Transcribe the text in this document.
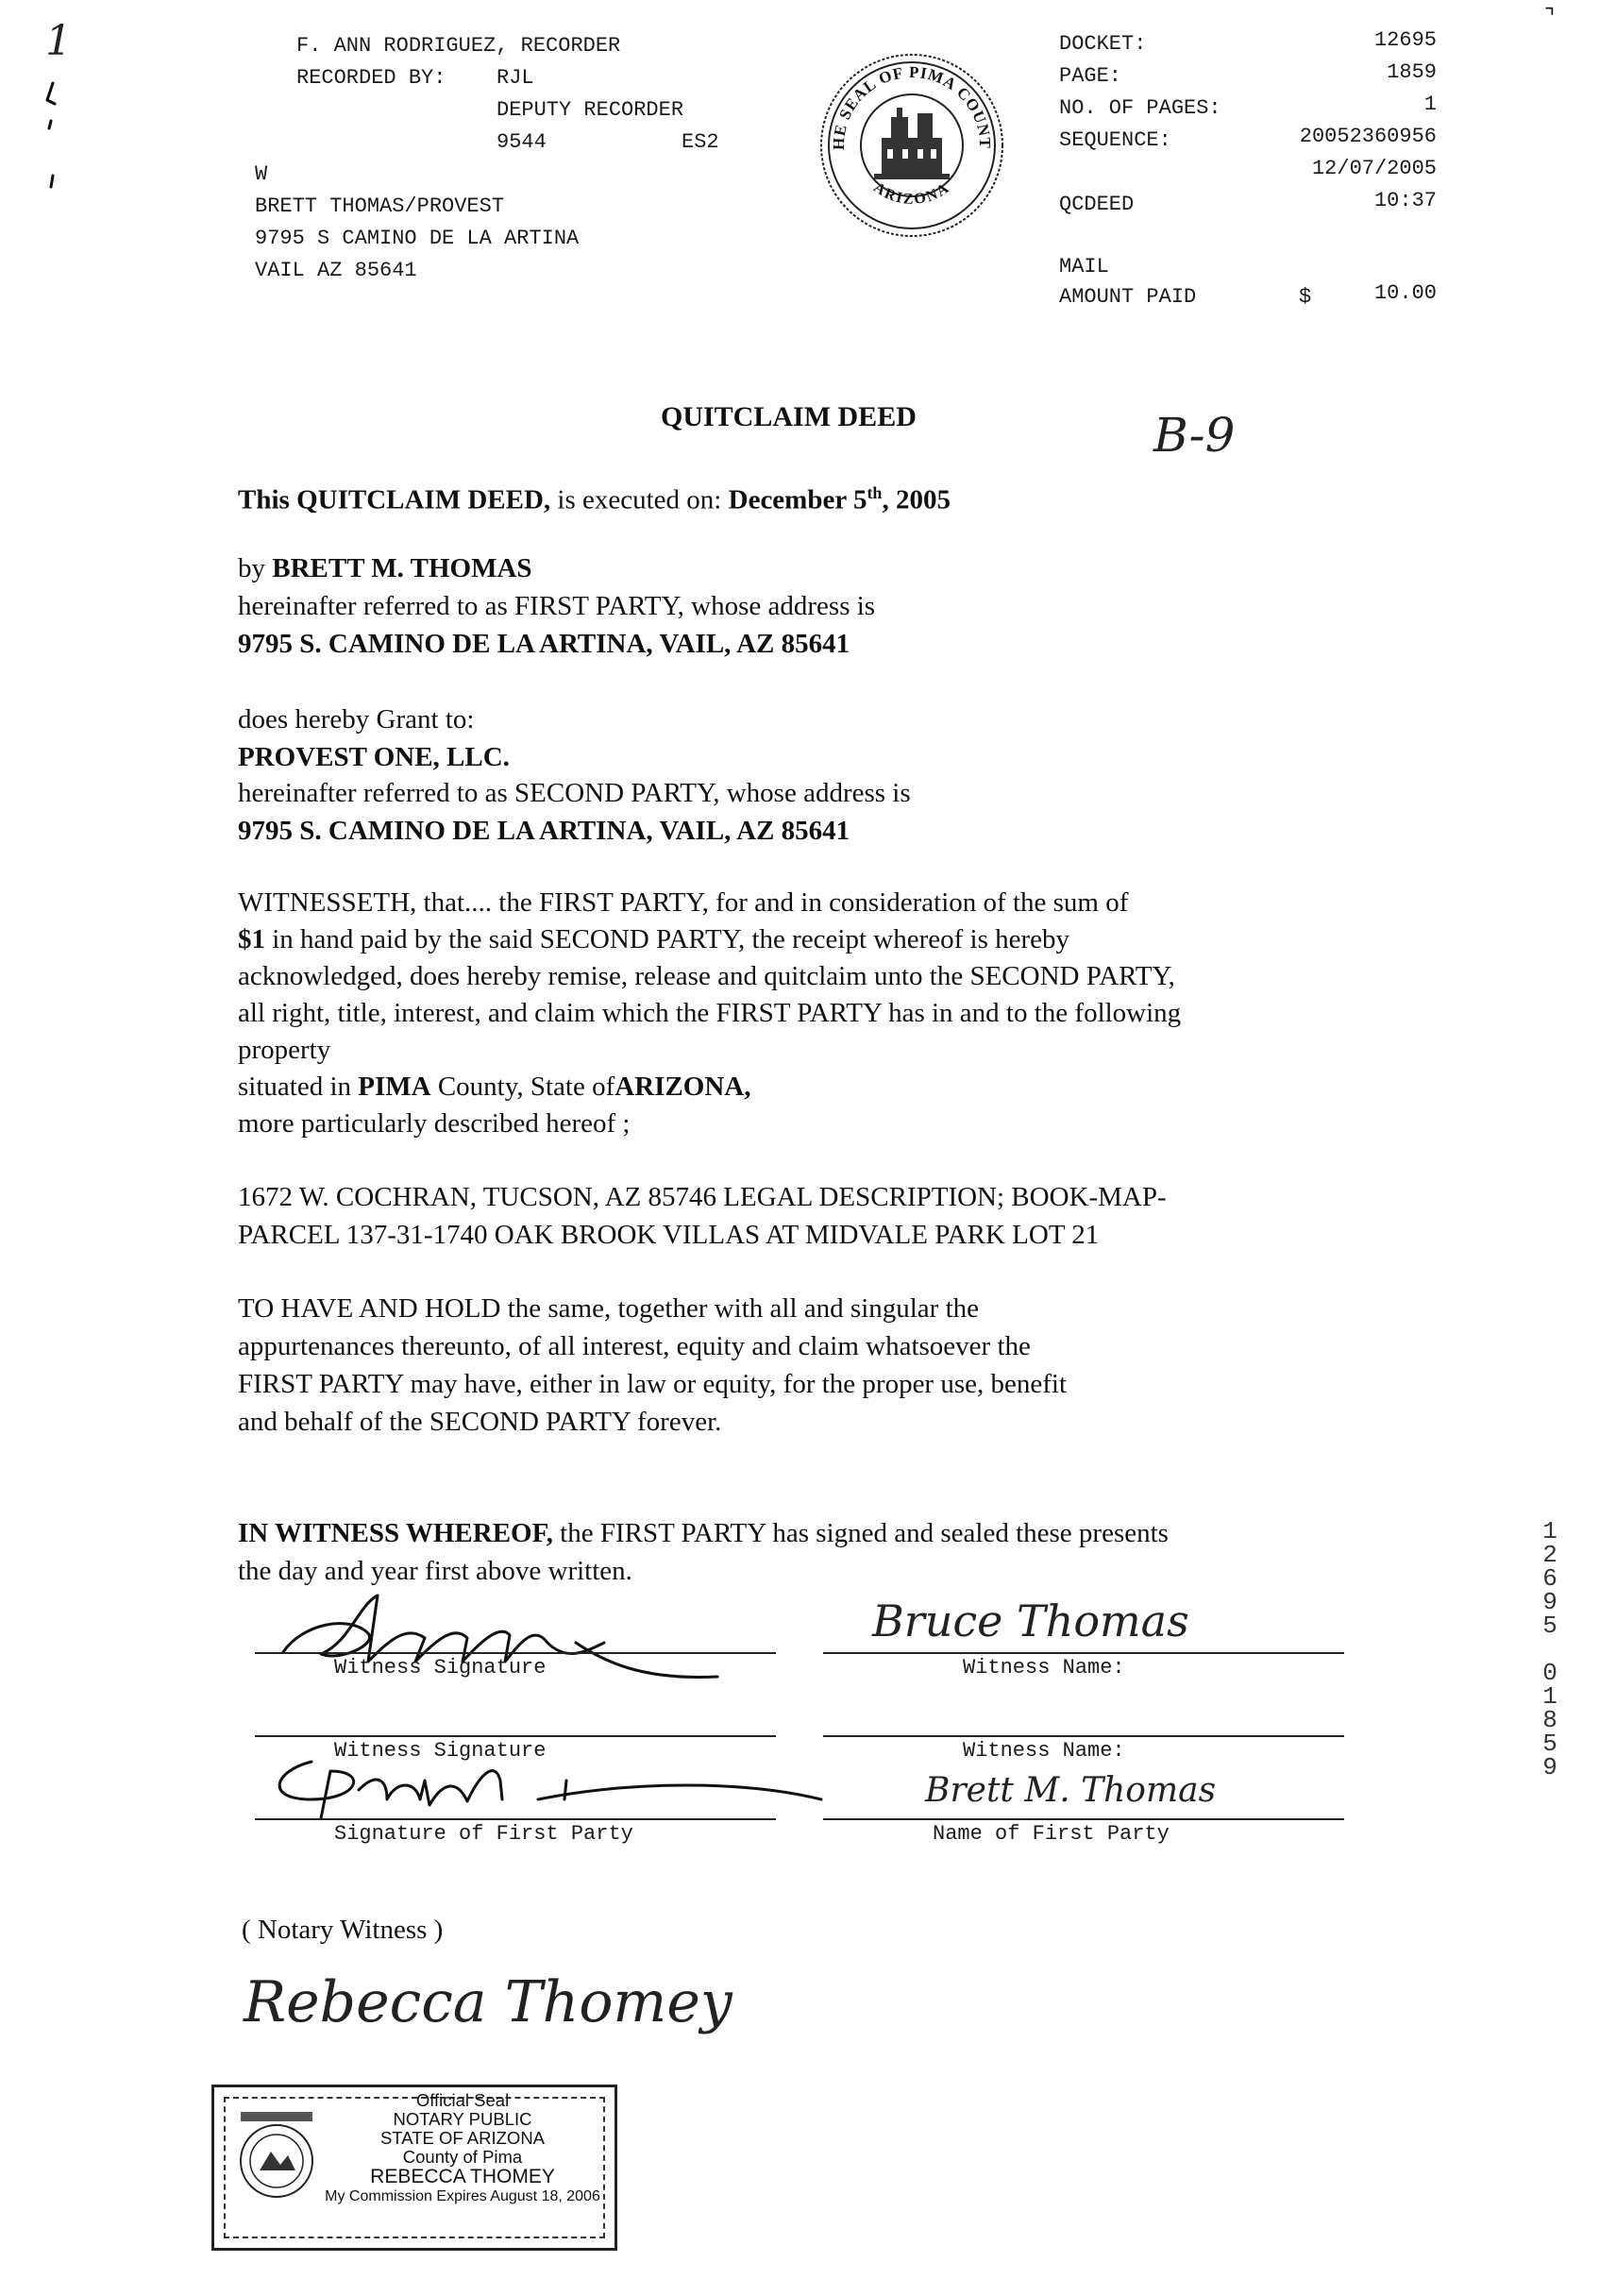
1	⌝
F. ANN RODRIGUEZ, RECORDER
RECORDED BY: RJL
DEPUTY RECORDER
9544	ES2
W
BRETT THOMAS/PROVEST
9795 S CAMINO DE LA ARTINA
VAIL AZ 85641
HE SEAL OF PIMA COUNT
ARIZONA
DOCKET:	12695
PAGE:	1859
NO. OF PAGES:	1
SEQUENCE:	20052360956
12/07/2005
QCDEED	10:37
MAIL
AMOUNT PAID	$	10.00
QUITCLAIM DEED	B-9
This QUITCLAIM DEED, is executed on: December 5th, 2005
by BRETT M. THOMAS
hereinafter referred to as FIRST PARTY, whose address is
9795 S. CAMINO DE LA ARTINA, VAIL, AZ 85641
does hereby Grant to:
PROVEST ONE, LLC.
hereinafter referred to as SECOND PARTY, whose address is
9795 S. CAMINO DE LA ARTINA, VAIL, AZ 85641
WITNESSETH, that.... the FIRST PARTY, for and in consideration of the sum of
$1 in hand paid by the said SECOND PARTY, the receipt whereof is hereby
acknowledged, does hereby remise, release and quitclaim unto the SECOND PARTY,
all right, title, interest, and claim which the FIRST PARTY has in and to the following
property
situated in PIMA County, State ofARIZONA,
more particularly described hereof ;
1672 W. COCHRAN, TUCSON, AZ 85746 LEGAL DESCRIPTION; BOOK-MAP-
PARCEL 137-31-1740 OAK BROOK VILLAS AT MIDVALE PARK LOT 21
TO HAVE AND HOLD the same, together with all and singular the
appurtenances thereunto, of all interest, equity and claim whatsoever the
FIRST PARTY may have, either in law or equity, for the proper use, benefit
and behalf of the SECOND PARTY forever.
IN WITNESS WHEREOF, the FIRST PARTY has signed and sealed these presents
the day and year first above written.
Witness Signature
Bruce Thomas
Witness Name:
Witness Signature	Witness Name:
Signature of First Party
Brett M. Thomas
Name of First Party
( Notary Witness )
Rebecca Thomey
Official Seal
NOTARY PUBLIC
STATE OF ARIZONA
County of Pima
REBECCA THOMEY
My Commission Expires August 18, 2006
1
2
6
9
5
0
1
8
5
9
